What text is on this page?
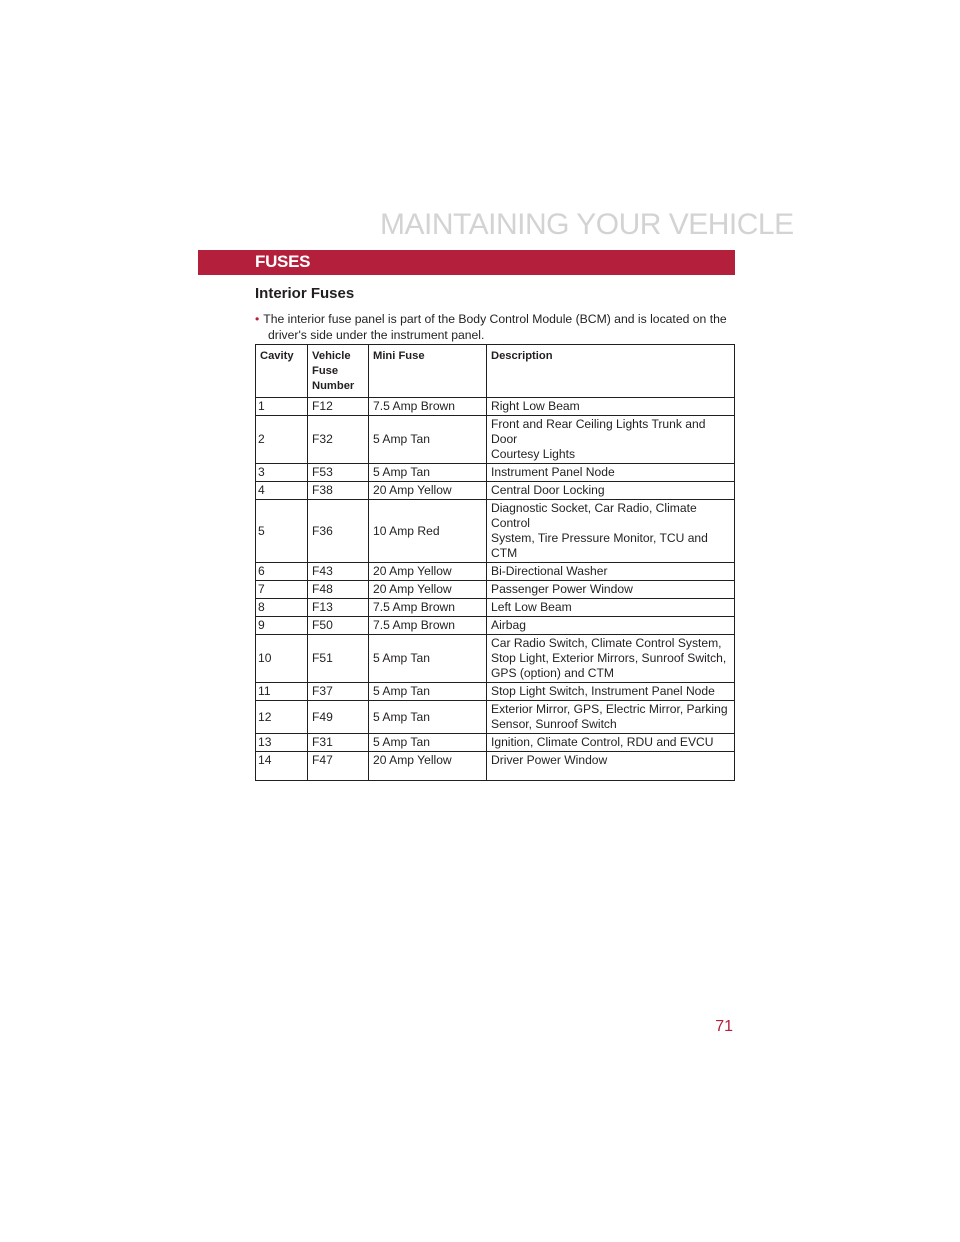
MAINTAINING YOUR VEHICLE
FUSES
Interior Fuses
• The interior fuse panel is part of the Body Control Module (BCM) and is located on the
driver's side under the instrument panel.
Cavity	Vehicle
Fuse
Number	Mini Fuse	Description
1	F12	7.5 Amp Brown	Right Low Beam

2	F32	5 Amp Tan	Front and Rear Ceiling Lights Trunk and Door
Courtesy Lights

3	F53	5 Amp Tan	Instrument Panel Node

4	F38	20 Amp Yellow	Central Door Locking

5	F36	10 Amp Red	Diagnostic Socket, Car Radio, Climate Control
System, Tire Pressure Monitor, TCU and CTM

6	F43	20 Amp Yellow	Bi-Directional Washer

7	F48	20 Amp Yellow	Passenger Power Window

8	F13	7.5 Amp Brown	Left Low Beam

9	F50	7.5 Amp Brown	Airbag

10	F51	5 Amp Tan	Car Radio Switch, Climate Control System,
Stop Light, Exterior Mirrors, Sunroof Switch,
GPS (option) and CTM

11	F37	5 Amp Tan	Stop Light Switch, Instrument Panel Node

12	F49	5 Amp Tan	Exterior Mirror, GPS, Electric Mirror, Parking
Sensor, Sunroof Switch

13	F31	5 Amp Tan	Ignition, Climate Control, RDU and EVCU

14	F47	20 Amp Yellow	Driver Power Window
71
